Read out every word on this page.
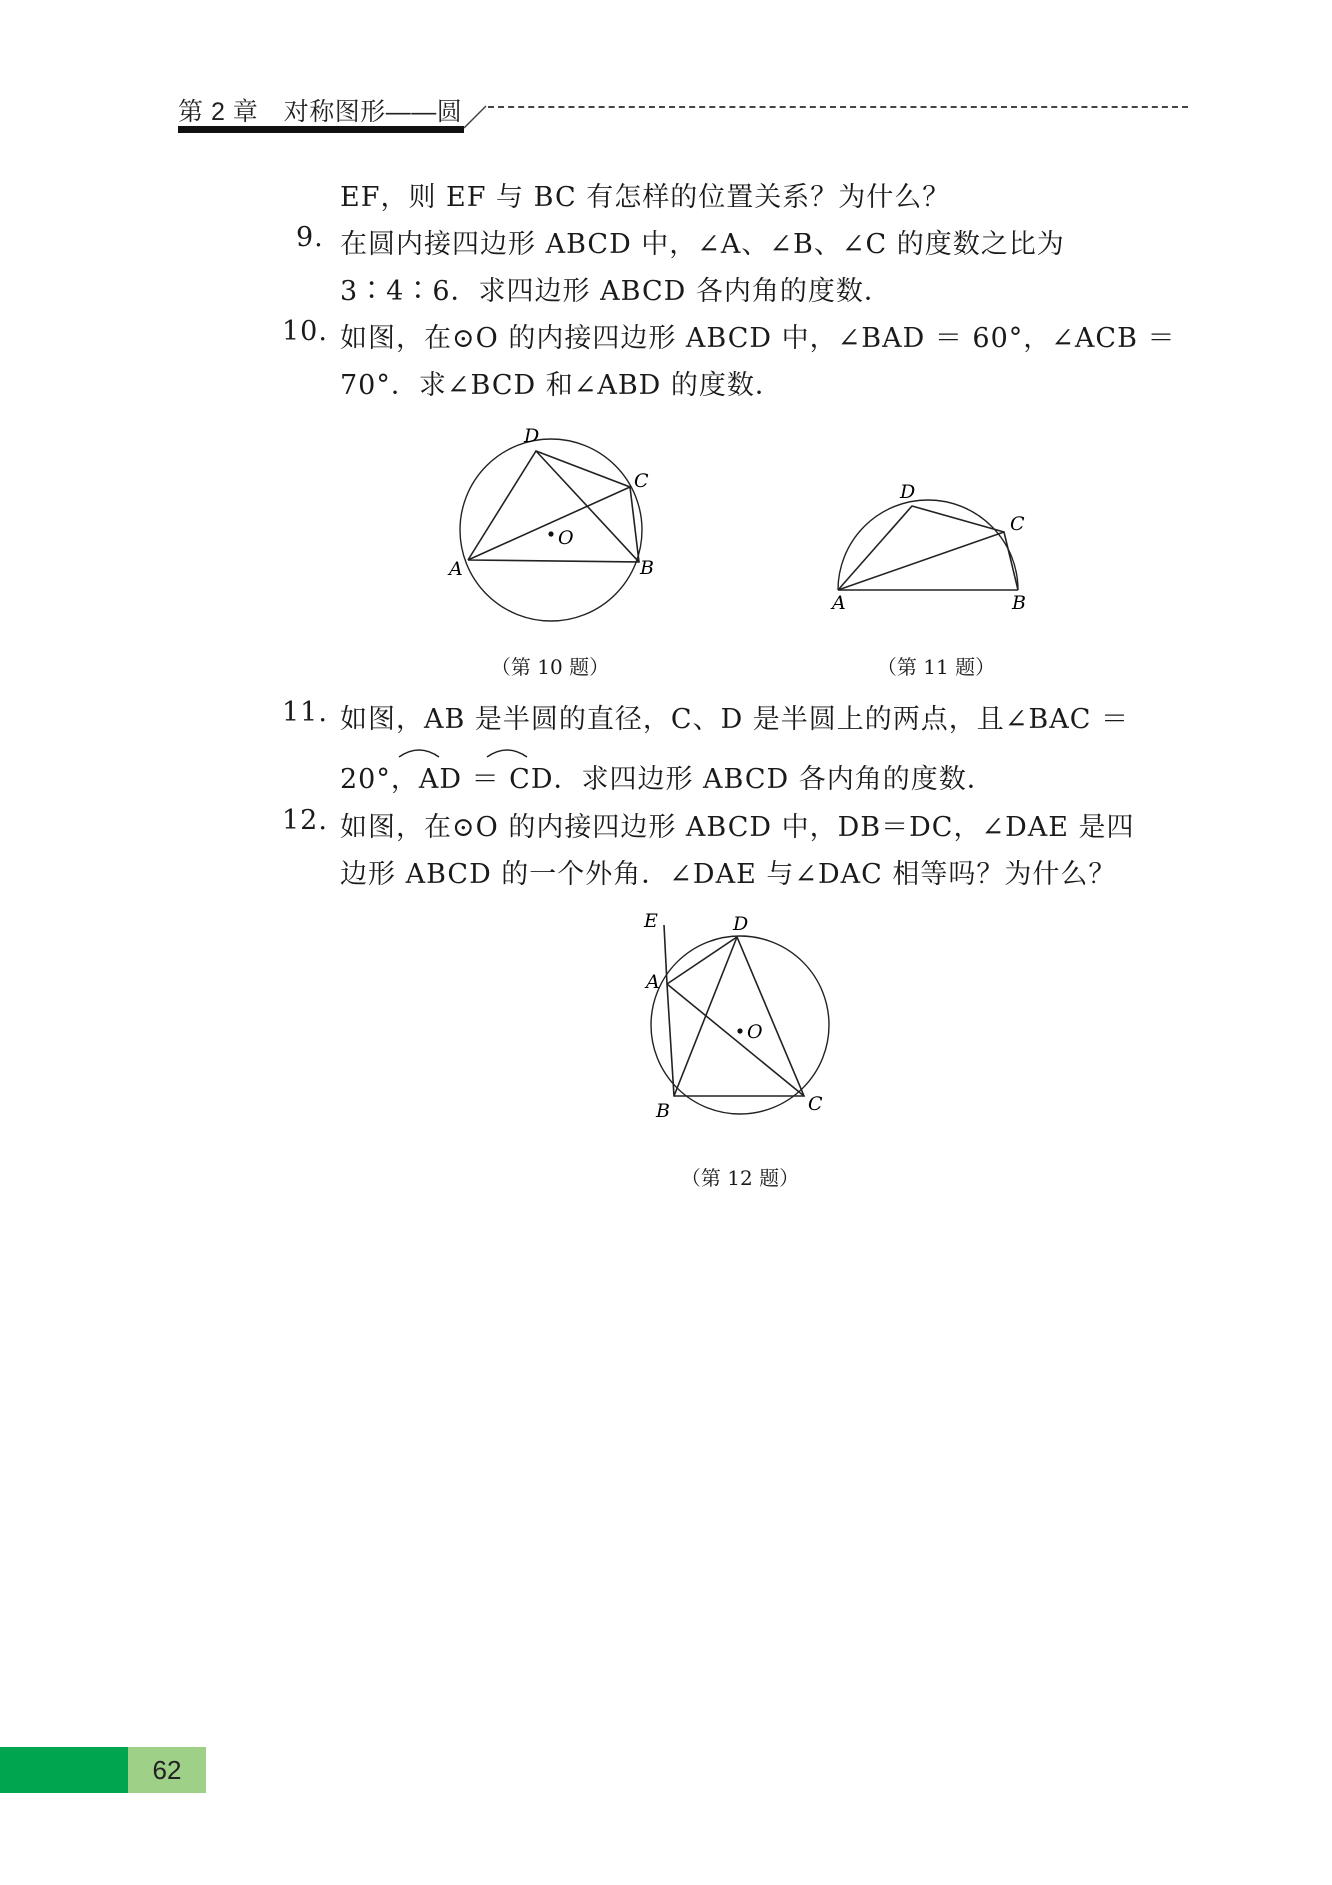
第 2 章　对称图形——圆
EF，则 EF 与 BC 有怎样的位置关系？为什么？
9. 在圆内接四边形 ABCD 中，∠A、∠B、∠C 的度数之比为
3∶4∶6．求四边形 ABCD 各内角的度数．
10. 如图，在⊙O 的内接四边形 ABCD 中，∠BAD ＝ 60°，∠ACB ＝
70°．求∠BCD 和∠ABD 的度数．
D
C
O
A	B
（第 10 题）
D
C
A	B
（第 11 题）
11. 如图，AB 是半圆的直径，C、D 是半圆上的两点，且∠BAC ＝
20°，AD ＝ CD．求四边形 ABCD 各内角的度数．
12. 如图，在⊙O 的内接四边形 ABCD 中，DB＝DC，∠DAE 是四
边形 ABCD 的一个外角．∠DAE 与∠DAC 相等吗？为什么？
E	D
A
O
B	C
（第 12 题）
62
